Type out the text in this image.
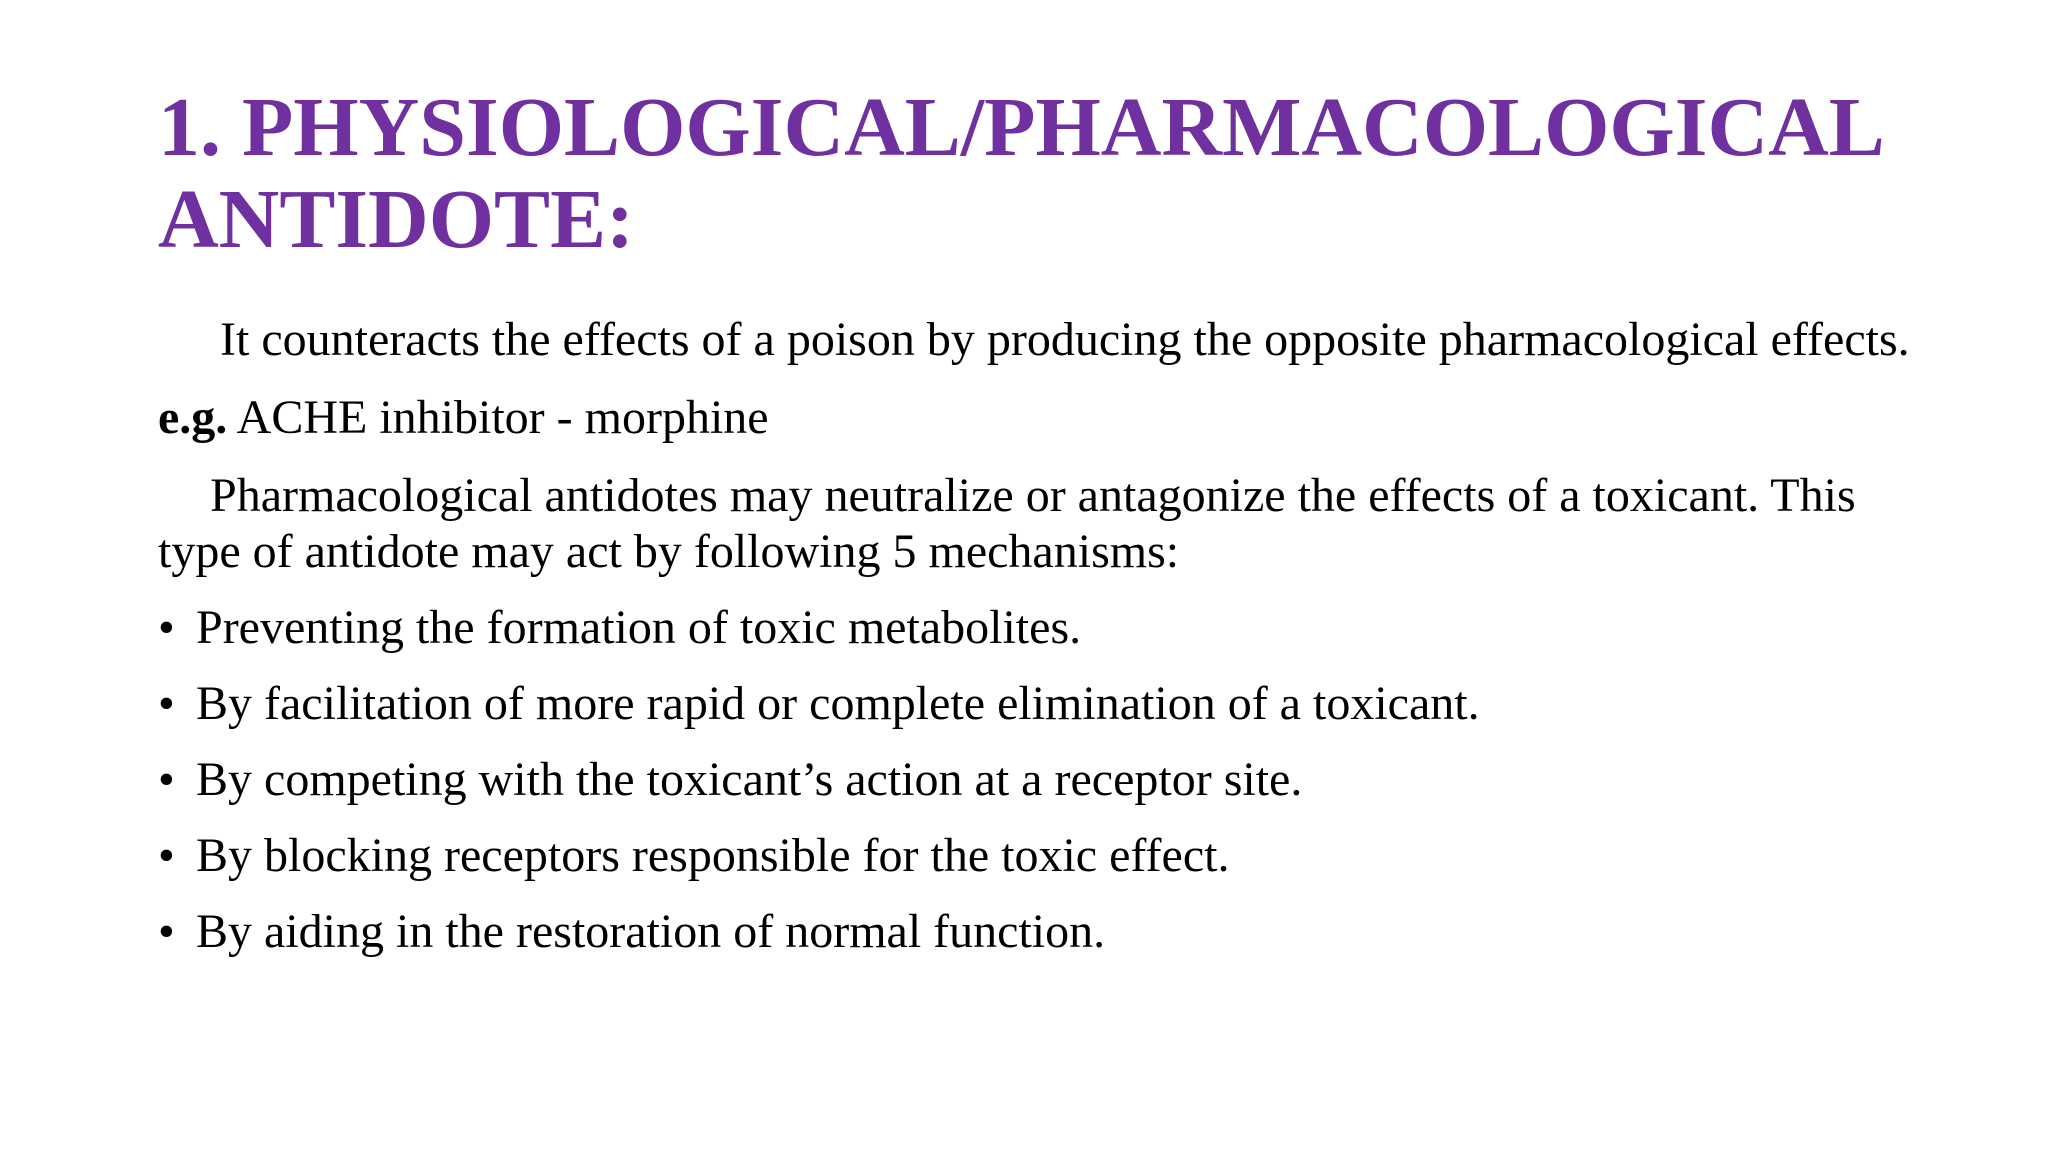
1. PHYSIOLOGICAL/PHARMACOLOGICAL
ANTIDOTE:

It counteracts the effects of a poison by producing the opposite pharmacological effects.

e.g. ACHE inhibitor - morphine

Pharmacological antidotes may neutralize or antagonize the effects of a toxicant. This type of antidote may act by following 5 mechanisms:

• Preventing the formation of toxic metabolites.
• By facilitation of more rapid or complete elimination of a toxicant.
• By competing with the toxicant’s action at a receptor site.
• By blocking receptors responsible for the toxic effect.
• By aiding in the restoration of normal function.
